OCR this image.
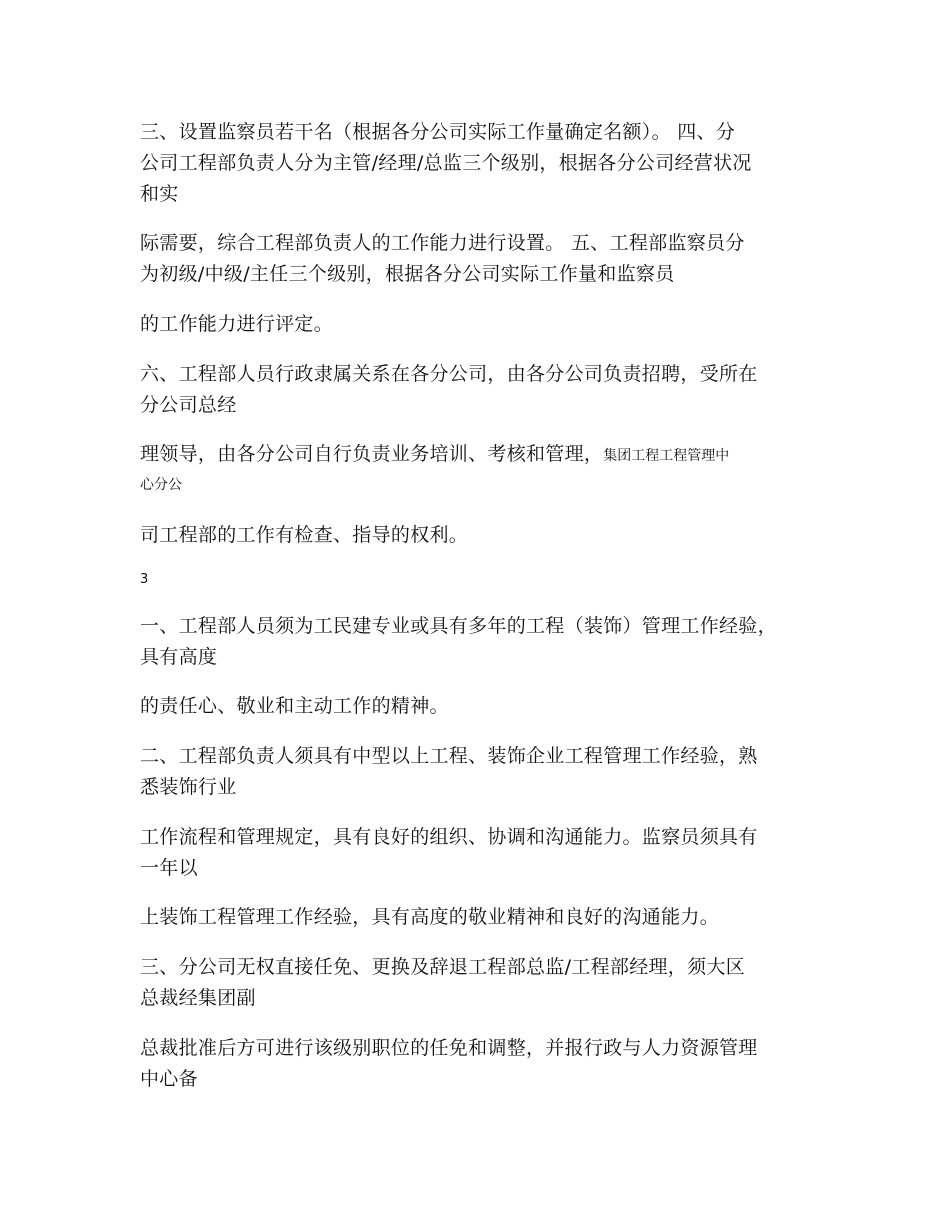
三、设置监察员若干名（根据各分公司实际工作量确定名额）。 四、分
公司工程部负责人分为主管/经理/总监三个级别，根据各分公司经营状况
和实
际需要，综合工程部负责人的工作能力进行设置。 五、工程部监察员分
为初级/中级/主任三个级别，根据各分公司实际工作量和监察员
的工作能力进行评定。
六、工程部人员行政隶属关系在各分公司，由各分公司负责招聘，受所在
分公司总经
理领导，由各分公司自行负责业务培训、考核和管理，集团工程工程管理中
心分公
司工程部的工作有检查、指导的权利。
3
一、工程部人员须为工民建专业或具有多年的工程（装饰）管理工作经验，
具有高度
的责任心、敬业和主动工作的精神。
二、工程部负责人须具有中型以上工程、装饰企业工程管理工作经验，熟
悉装饰行业
工作流程和管理规定，具有良好的组织、协调和沟通能力。监察员须具有
一年以
上装饰工程管理工作经验，具有高度的敬业精神和良好的沟通能力。
三、分公司无权直接任免、更换及辞退工程部总监/工程部经理，须大区
总裁经集团副
总裁批准后方可进行该级别职位的任免和调整，并报行政与人力资源管理
中心备
